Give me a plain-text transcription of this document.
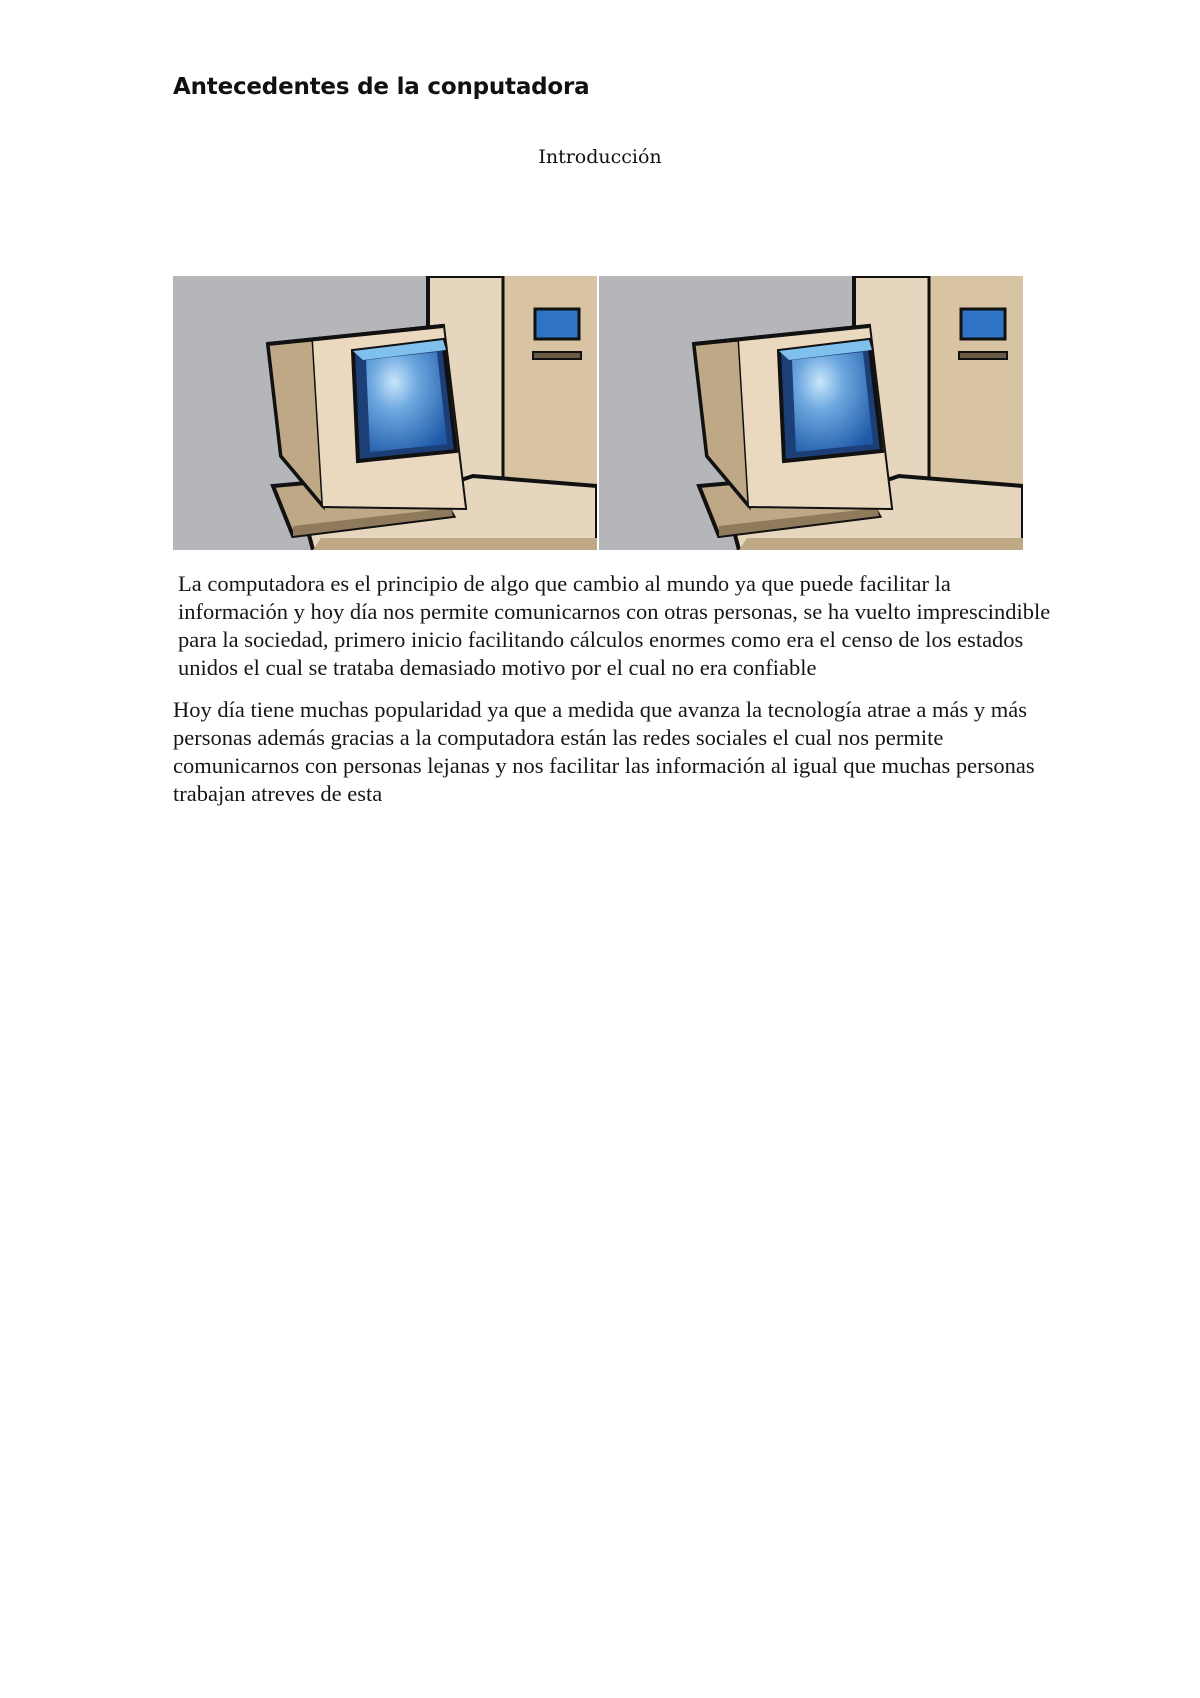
Antecedentes de la conputadora
Introducción

La computadora es el principio de algo que cambio al mundo ya que puede facilitar la información y hoy día nos permite comunicarnos con otras personas, se ha vuelto imprescindible para la sociedad, primero inicio facilitando cálculos enormes como era el censo de los estados unidos el cual se trataba demasiado motivo por el cual no era confiable

Hoy día tiene muchas popularidad ya que a medida que avanza la tecnología atrae a más y más personas además gracias a la computadora están las redes sociales el cual nos permite comunicarnos con personas lejanas y nos facilitar las información al igual que muchas personas trabajan atreves de esta
